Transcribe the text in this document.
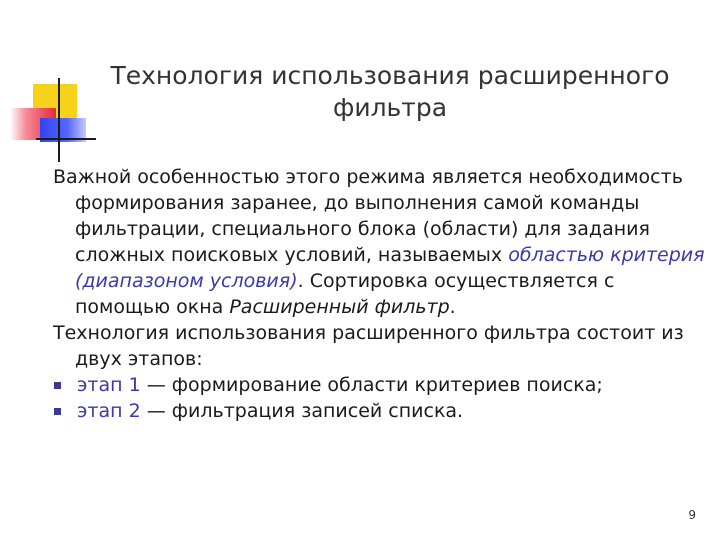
Технология использования расширенного
фильтра

Важной особенностью этого режима является необходимость формирования заранее, до выполнения самой команды фильтрации, специального блока (области) для задания сложных поисковых условий, называемых областью критерия (диапазоном условия). Сортировка осуществляется с помощью окна Расширенный фильтр.

Технология использования расширенного фильтра состоит из двух этапов:

этап 1 — формирование области критериев поиска;
этап 2 — фильтрация записей списка.
9
